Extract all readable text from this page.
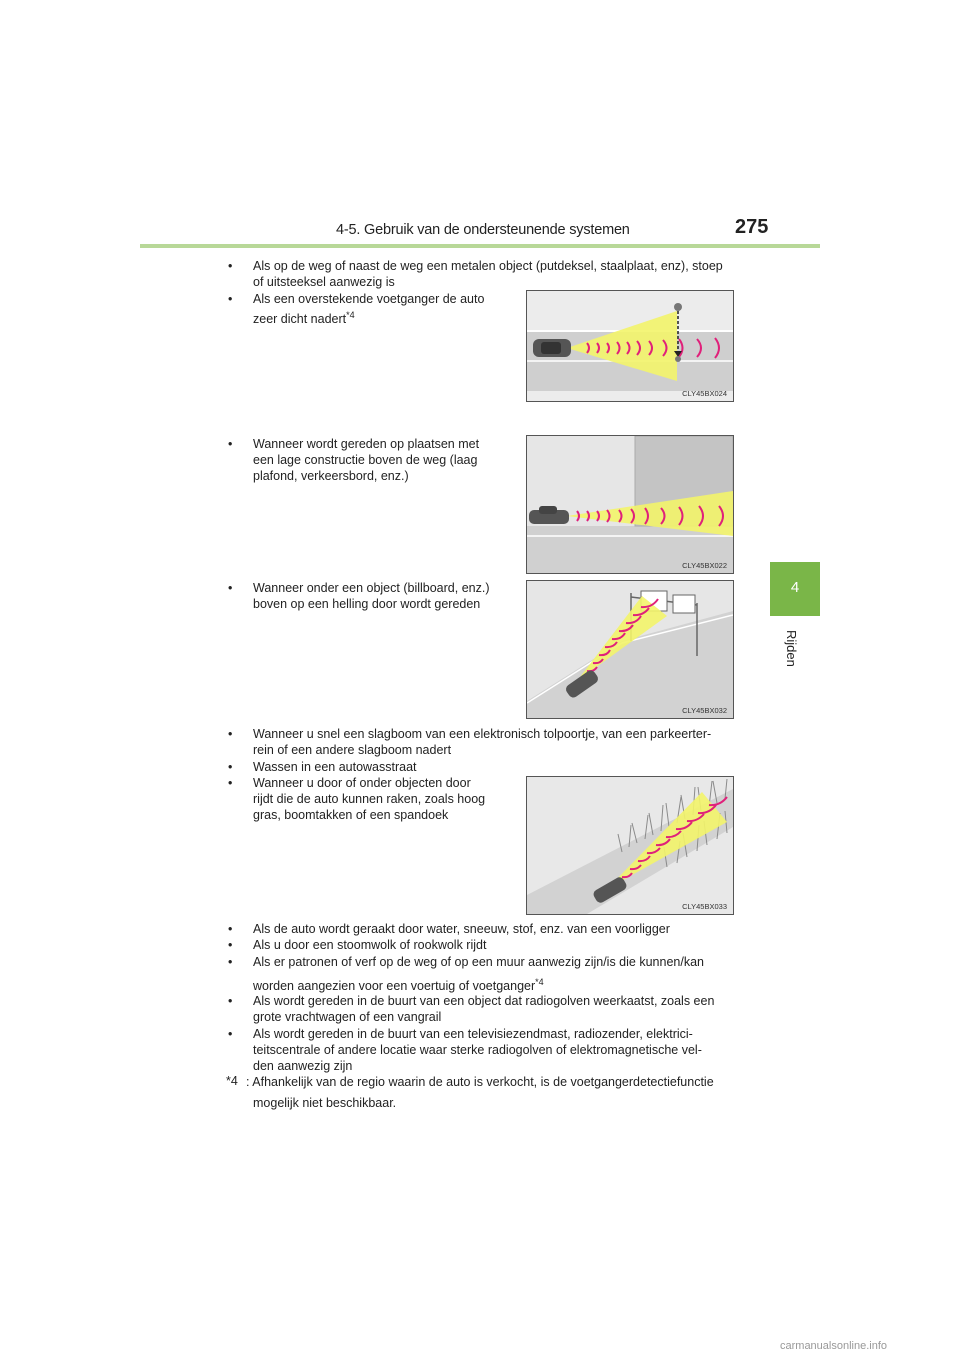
4-5. Gebruik van de ondersteunende systemen	275
4
Rijden
• Als op de weg of naast de weg een metalen object (putdeksel, staalplaat, enz), stoep
of uitsteeksel aanwezig is
• Als een overstekende voetganger de auto
zeer dicht nadert$^{*4}$
CLY45BX024
• Wanneer wordt gereden op plaatsen met
een lage constructie boven de weg (laag
plafond, verkeersbord, enz.)
CLY45BX022
• Wanneer onder een object (billboard, enz.)
boven op een helling door wordt gereden
CLY45BX032
• Wanneer u snel een slagboom van een elektronisch tolpoortje, van een parkeerter-
rein of een andere slagboom nadert
• Wassen in een autowasstraat
• Wanneer u door of onder objecten door
rijdt die de auto kunnen raken, zoals hoog
gras, boomtakken of een spandoek
CLY45BX033
• Als de auto wordt geraakt door water, sneeuw, stof, enz. van een voorligger
• Als u door een stoomwolk of rookwolk rijdt
• Als er patronen of verf op de weg of op een muur aanwezig zijn/is die kunnen/kan
worden aangezien voor een voertuig of voetganger$^{*4}$
• Als wordt gereden in de buurt van een object dat radiogolven weerkaatst, zoals een
grote vrachtwagen of een vangrail
• Als wordt gereden in de buurt van een televisiezendmast, radiozender, elektrici-
teitscentrale of andere locatie waar sterke radiogolven of elektromagnetische vel-
den aanwezig zijn
*4 : Afhankelijk van de regio waarin de auto is verkocht, is de voetgangerdetectiefunctie
mogelijk niet beschikbaar.
carmanualsonline.info
